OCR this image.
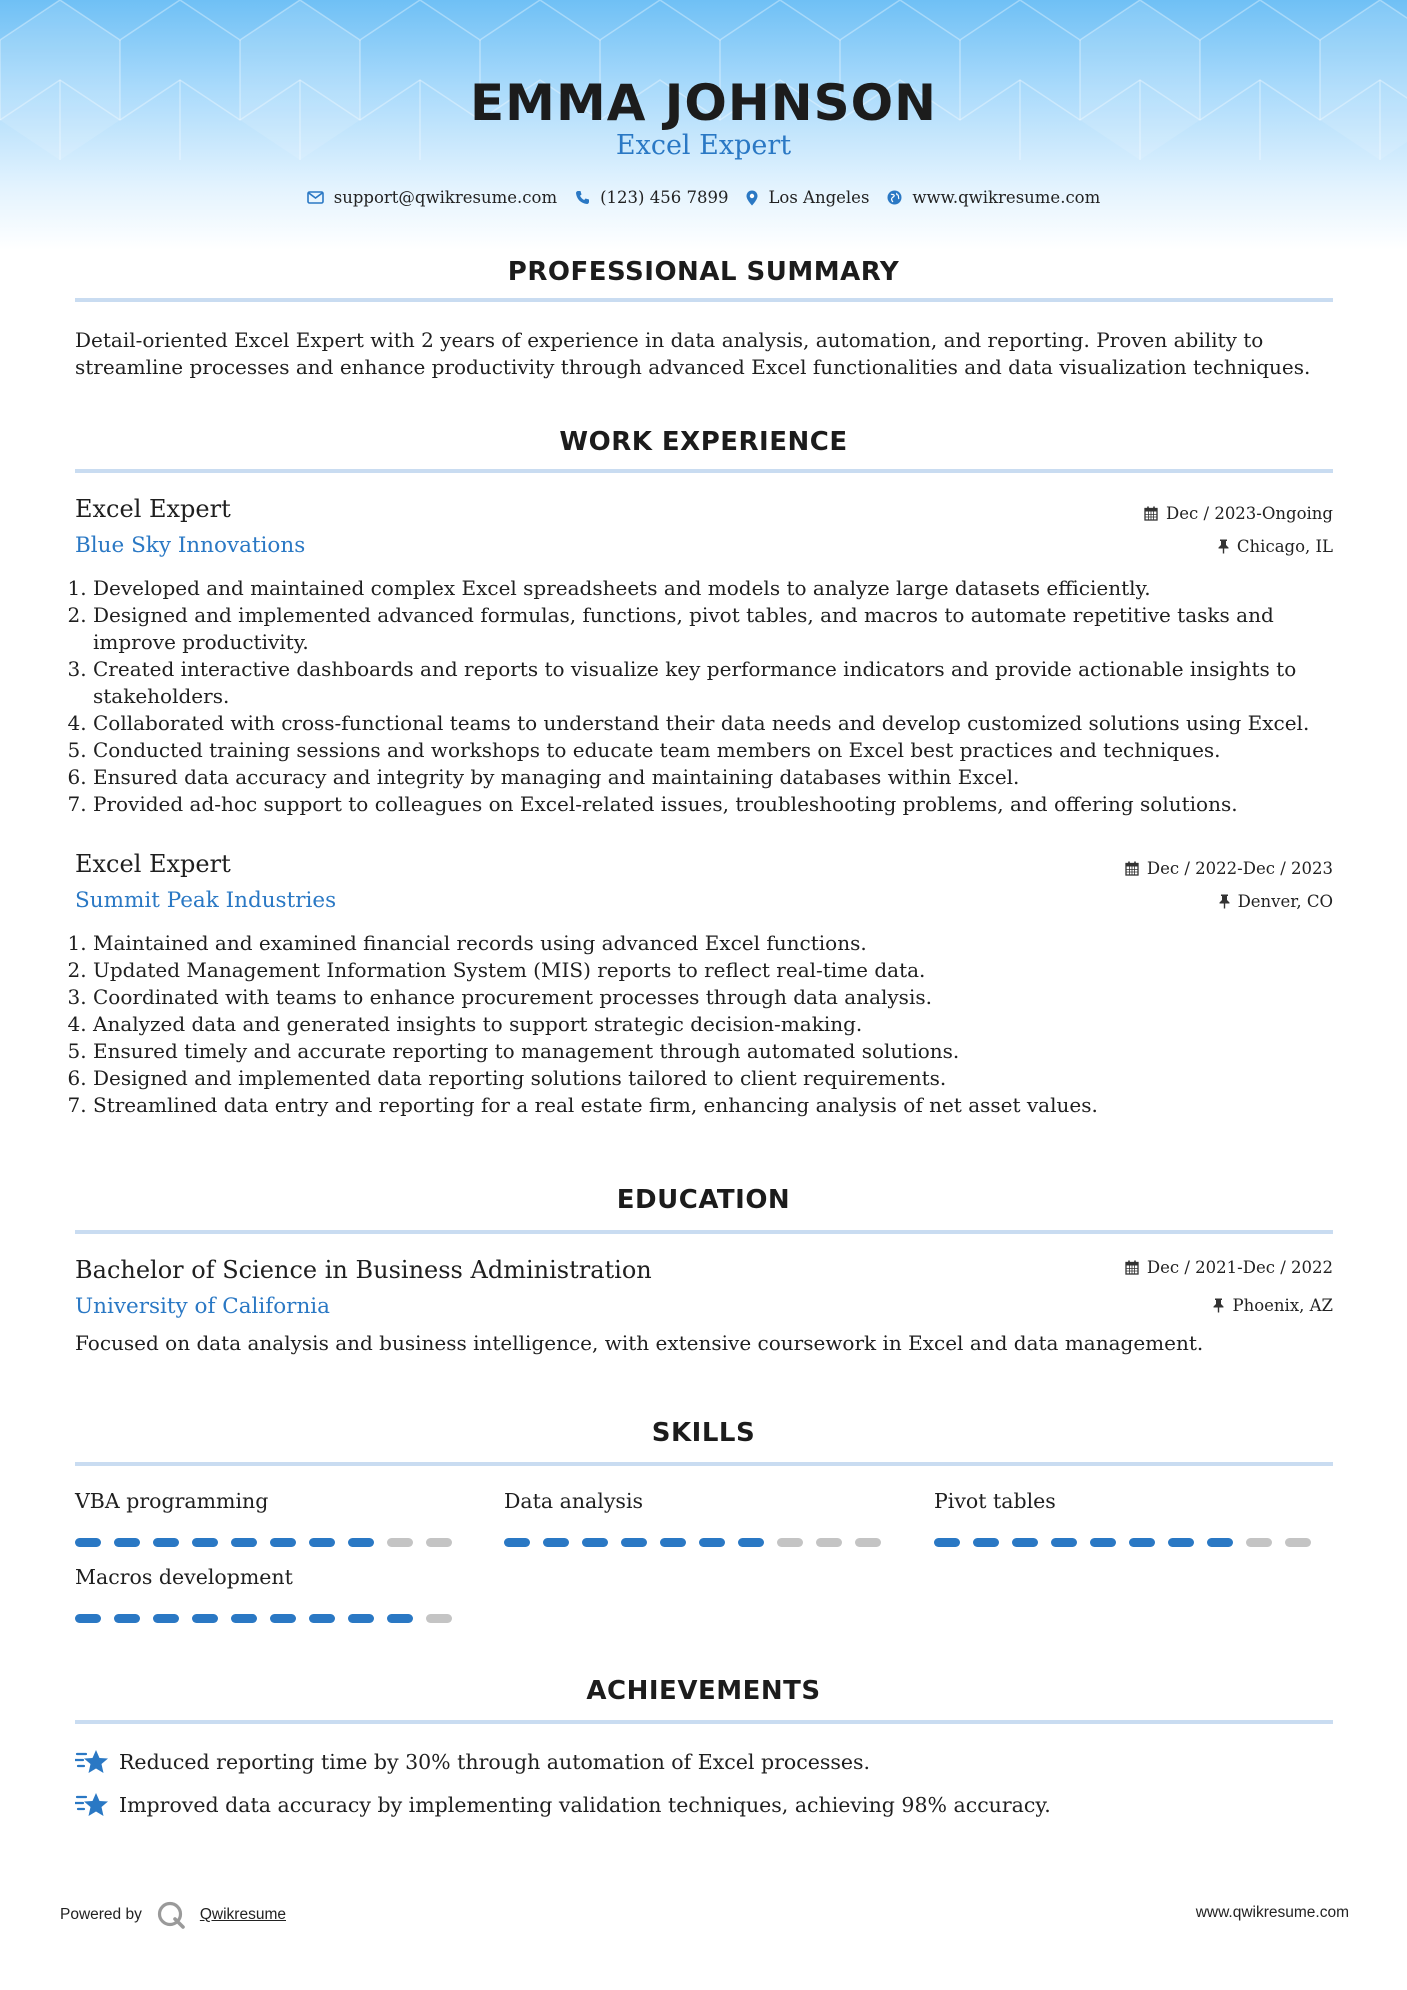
EMMA JOHNSON
Excel Expert
support@qwikresume.com	(123) 456 7899 Los Angeles	www.qwikresume.com
PROFESSIONAL SUMMARY
Detail-oriented Excel Expert with 2 years of experience in data analysis, automation, and reporting. Proven ability to streamline processes and enhance productivity through advanced Excel functionalities and data visualization techniques.
WORK EXPERIENCE
Excel Expert	Dec / 2023-Ongoing
Blue Sky Innovations	Chicago, IL
1. Developed and maintained complex Excel spreadsheets and models to analyze large datasets efficiently.
2. Designed and implemented advanced formulas, functions, pivot tables, and macros to automate repetitive tasks and improve productivity.
3. Created interactive dashboards and reports to visualize key performance indicators and provide actionable insights to stakeholders.
4. Collaborated with cross-functional teams to understand their data needs and develop customized solutions using Excel.
5. Conducted training sessions and workshops to educate team members on Excel best practices and techniques.
6. Ensured data accuracy and integrity by managing and maintaining databases within Excel.
7. Provided ad-hoc support to colleagues on Excel-related issues, troubleshooting problems, and offering solutions.
Excel Expert	Dec / 2022-Dec / 2023
Summit Peak Industries	Denver, CO
1. Maintained and examined financial records using advanced Excel functions.
2. Updated Management Information System (MIS) reports to reflect real-time data.
3. Coordinated with teams to enhance procurement processes through data analysis.
4. Analyzed data and generated insights to support strategic decision-making.
5. Ensured timely and accurate reporting to management through automated solutions.
6. Designed and implemented data reporting solutions tailored to client requirements.
7. Streamlined data entry and reporting for a real estate firm, enhancing analysis of net asset values.
EDUCATION
Bachelor of Science in Business Administration	Dec / 2021-Dec / 2022
University of California	Phoenix, AZ
Focused on data analysis and business intelligence, with extensive coursework in Excel and data management.
SKILLS
VBA programming	Data analysis	Pivot tables
Macros development
ACHIEVEMENTS
Reduced reporting time by 30% through automation of Excel processes.
Improved data accuracy by implementing validation techniques, achieving 98% accuracy.
Powered by	Qwikresume	www.qwikresume.com
